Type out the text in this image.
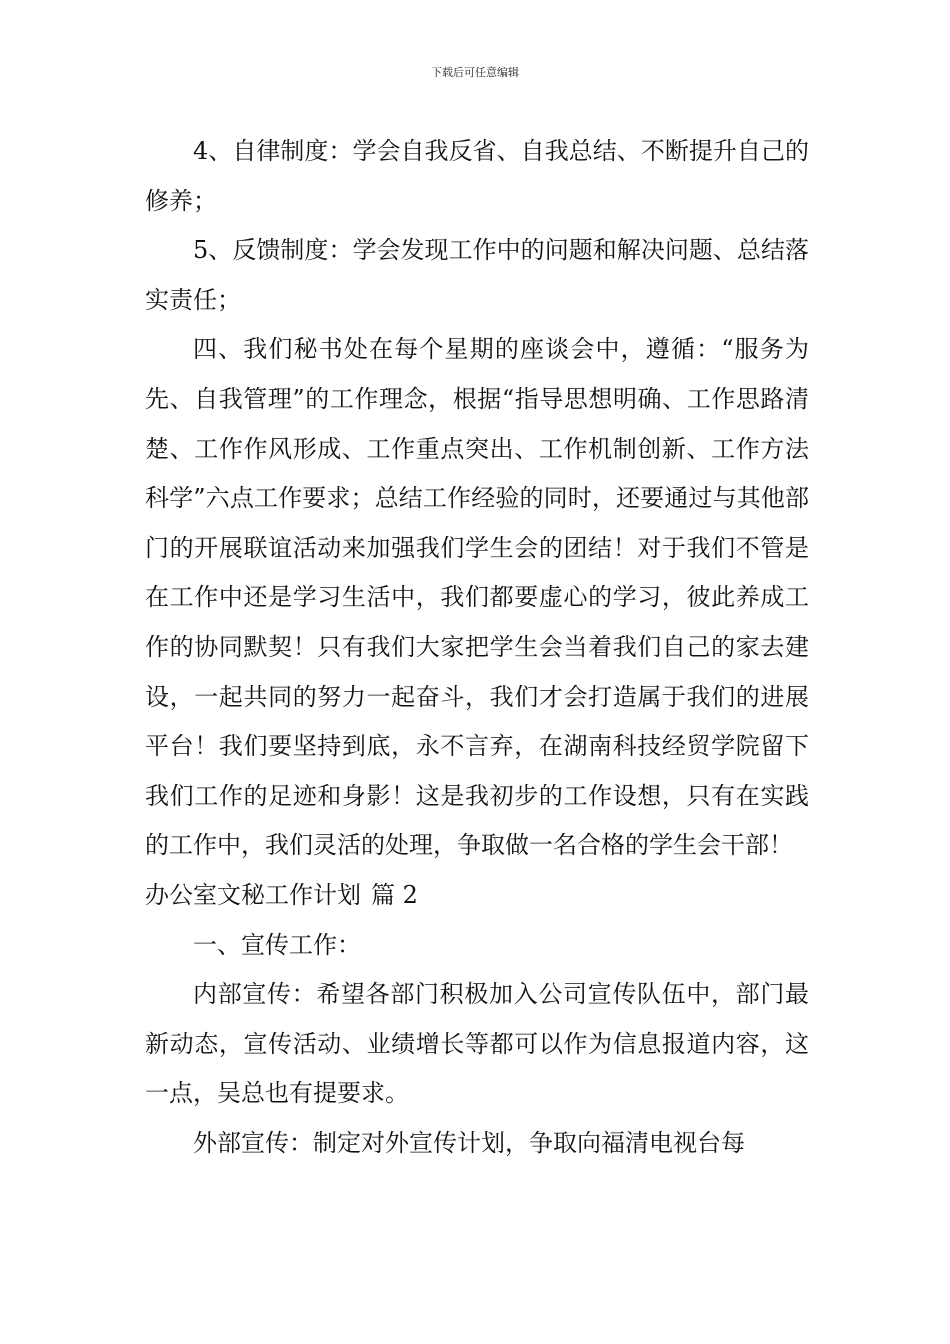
下载后可任意编辑

4、自律制度：学会自我反省、自我总结、不断提升自己的修养；

5、反馈制度：学会发现工作中的问题和解决问题、总结落实责任；

四、我们秘书处在每个星期的座谈会中，遵循：“服务为先、自我管理”的工作理念，根据“指导思想明确、工作思路清楚、工作作风形成、工作重点突出、工作机制创新、工作方法科学”六点工作要求；总结工作经验的同时，还要通过与其他部门的开展联谊活动来加强我们学生会的团结！对于我们不管是在工作中还是学习生活中，我们都要虚心的学习，彼此养成工作的协同默契！只有我们大家把学生会当着我们自己的家去建设，一起共同的努力一起奋斗，我们才会打造属于我们的进展平台！我们要坚持到底，永不言弃，在湖南科技经贸学院留下我们工作的足迹和身影！这是我初步的工作设想，只有在实践的工作中，我们灵活的处理，争取做一名合格的学生会干部！

办公室文秘工作计划 篇 2

一、宣传工作：

内部宣传：希望各部门积极加入公司宣传队伍中，部门最新动态，宣传活动、业绩增长等都可以作为信息报道内容，这一点，吴总也有提要求。

外部宣传：制定对外宣传计划，争取向福清电视台每
